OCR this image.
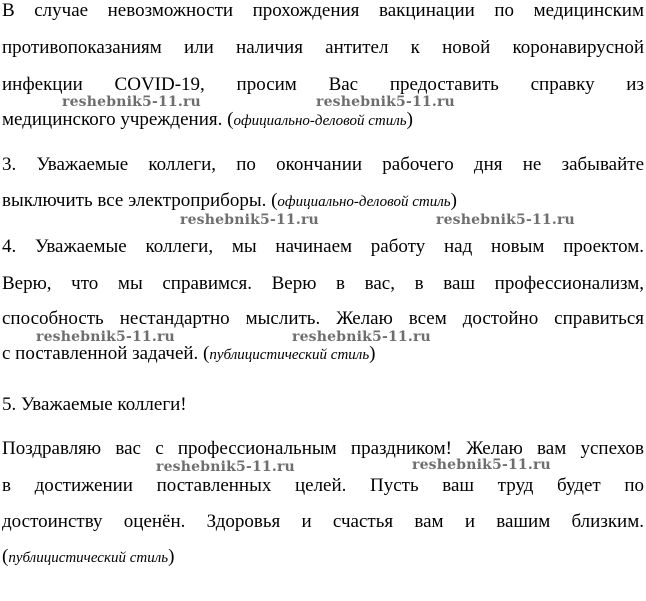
В случае невозможности прохождения вакцинации по медицинским
противопоказаниям или наличия антител к новой коронавирусной
инфекции COVID-19, просим Вас предоставить справку из
медицинского учреждения. (официально-деловой стиль)
3. Уважаемые коллеги, по окончании рабочего дня не забывайте
выключить все электроприборы. (официально-деловой стиль)
4. Уважаемые коллеги, мы начинаем работу над новым проектом.
Верю, что мы справимся. Верю в вас, в ваш профессионализм,
способность нестандартно мыслить. Желаю всем достойно справиться
с поставленной задачей. (публицистический стиль)
5. Уважаемые коллеги!
Поздравляю вас с профессиональным праздником! Желаю вам успехов
в достижении поставленных целей. Пусть ваш труд будет по
достоинству оценён. Здоровья и счастья вам и вашим близким.
(публицистический стиль)
reshebnik5-11.ru	reshebnik5-11.ru
reshebnik5-11.ru	reshebnik5-11.ru
reshebnik5-11.ru	reshebnik5-11.ru
reshebnik5-11.ru	reshebnik5-11.ru
